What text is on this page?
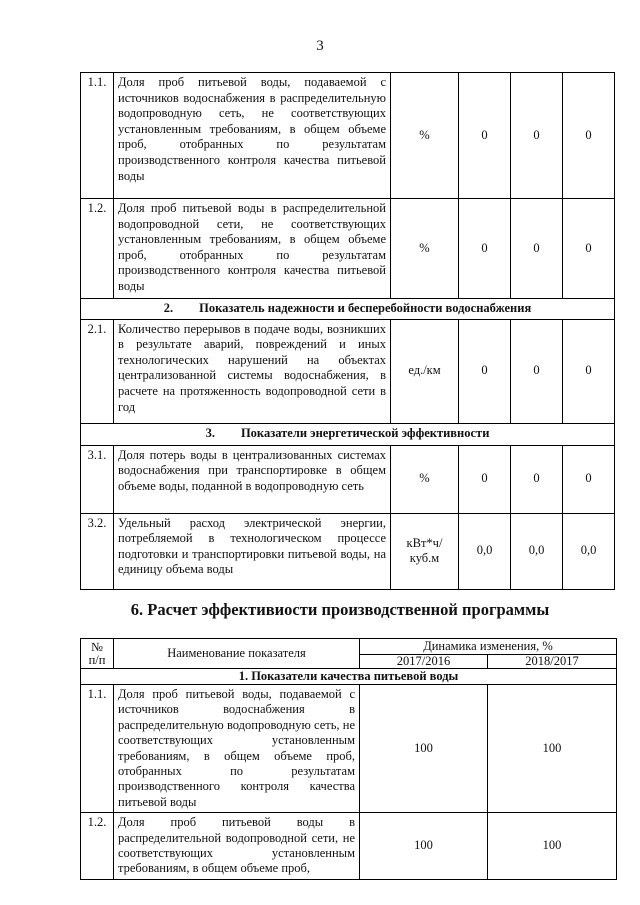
3
1.1.	Доля проб питьевой воды, подаваемой с источников водоснабжения в распределительную водопроводную сеть, не соответствующих установленным требованиям, в общем объеме проб, отобранных по результатам производственного контроля качества питьевой воды	%	0	0	0
1.2.	Доля проб питьевой воды в распределительной водопроводной сети, не соответствующих установленным требованиям, в общем объеме проб, отобранных по результатам производственного контроля качества питьевой воды	%	0	0	0
2. Показатель надежности и бесперебойности водоснабжения					
2.1.	Количество перерывов в подаче воды, возникших в результате аварий, повреждений и иных технологических нарушений на объектах централизованной системы водоснабжения, в расчете на протяженность водопроводной сети в год	ед./км	0	0	0
3. Показатели энергетической эффективности					
3.1.	Доля потерь воды в централизованных системах водоснабжения при транспортировке в общем объеме воды, поданной в водопроводную сеть	%	0	0	0
3.2.	Удельный расход электрической энергии, потребляемой в технологическом процессе подготовки и транспортировки питьевой воды, на единицу объема воды	кВт*ч/ куб.м	0,0	0,0	0,0
6. Расчет эффективиости производственной программы
№ п/п	Наименование показателя	Динамика изменения, %	
		2017/2016	2018/2017
1. Показатели качества питьевой воды			
1.1.	Доля проб питьевой воды, подаваемой с источников водоснабжения в распределительную водопроводную сеть, не соответствующих установленным требованиям, в общем объеме проб, отобранных по результатам производственного контроля качества питьевой воды	100	100
1.2.	Доля проб питьевой воды в распределительной водопроводной сети, не соответствующих установленным требованиям, в общем объеме проб,	100	100
